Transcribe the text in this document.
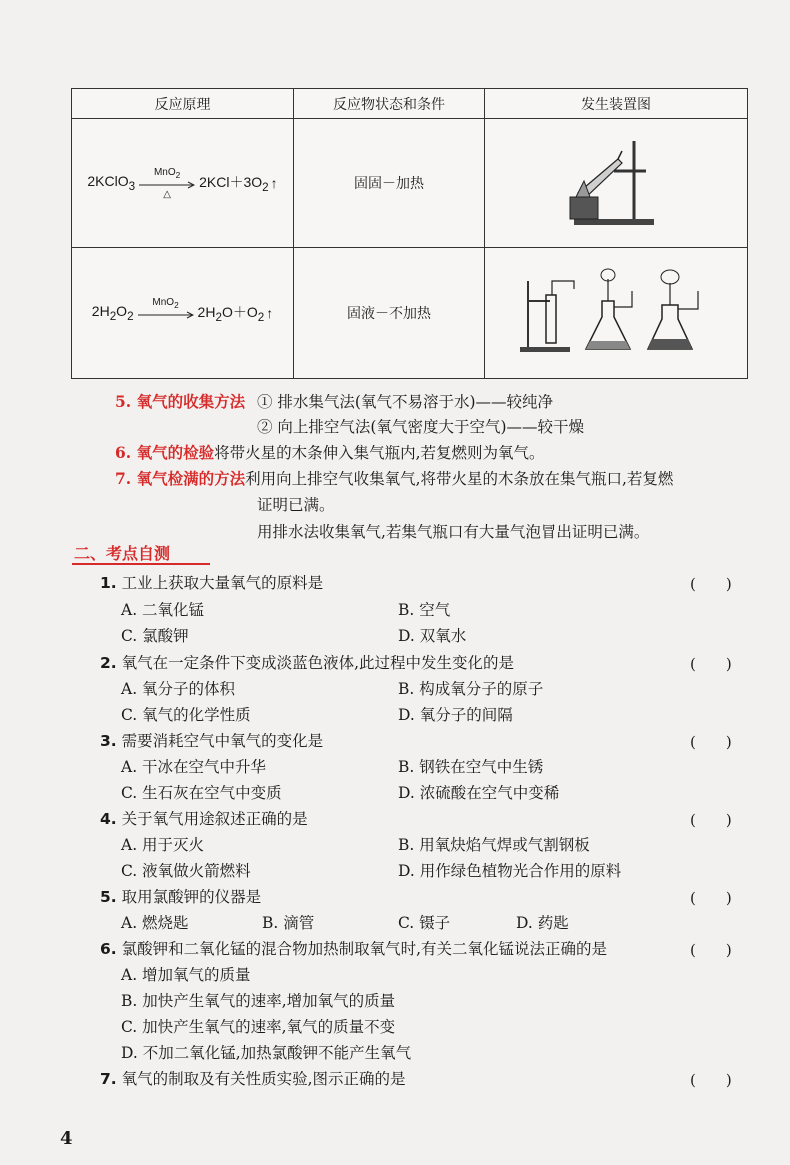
反应原理	反应物状态和条件	发生装置图

2KClO$_3$
MnO$_2$
△
$2KCl+3O_2$ ↑	固固－加热	

$2H_2O_2$
MnO$_2$ $2H_2O+O_2$ ↑	固液－不加热	
5. 氧气的收集方法 ① 排水集气法(氧气不易溶于水)——较纯净
② 向上排空气法(氧气密度大于空气)——较干燥
6. 氧气的检验将带火星的木条伸入集气瓶内,若复燃则为氧气。
7. 氧气检满的方法利用向上排空气收集氧气,将带火星的木条放在集气瓶口,若复燃
证明已满。
用排水法收集氧气,若集气瓶口有大量气泡冒出证明已满。
二、考点自测
1. 工业上获取大量氧气的原料是	(　　)
A. 二氧化锰	B. 空气
C. 氯酸钾	D. 双氧水
2. 氧气在一定条件下变成淡蓝色液体,此过程中发生变化的是	(　　)
A. 氧分子的体积	B. 构成氧分子的原子
C. 氧气的化学性质	D. 氧分子的间隔
3. 需要消耗空气中氧气的变化是	(　　)
A. 干冰在空气中升华	B. 钢铁在空气中生锈
C. 生石灰在空气中变质	D. 浓硫酸在空气中变稀
4. 关于氧气用途叙述正确的是	(　　)
A. 用于灭火	B. 用氧炔焰气焊或气割钢板
C. 液氧做火箭燃料	D. 用作绿色植物光合作用的原料
5. 取用氯酸钾的仪器是	(　　)
A. 燃烧匙	B. 滴管	C. 镊子	D. 药匙
6. 氯酸钾和二氧化锰的混合物加热制取氧气时,有关二氧化锰说法正确的是	(　　)
A. 增加氧气的质量
B. 加快产生氧气的速率,增加氧气的质量
C. 加快产生氧气的速率,氧气的质量不变
D. 不加二氧化锰,加热氯酸钾不能产生氧气
7. 氧气的制取及有关性质实验,图示正确的是	(　　)
4
